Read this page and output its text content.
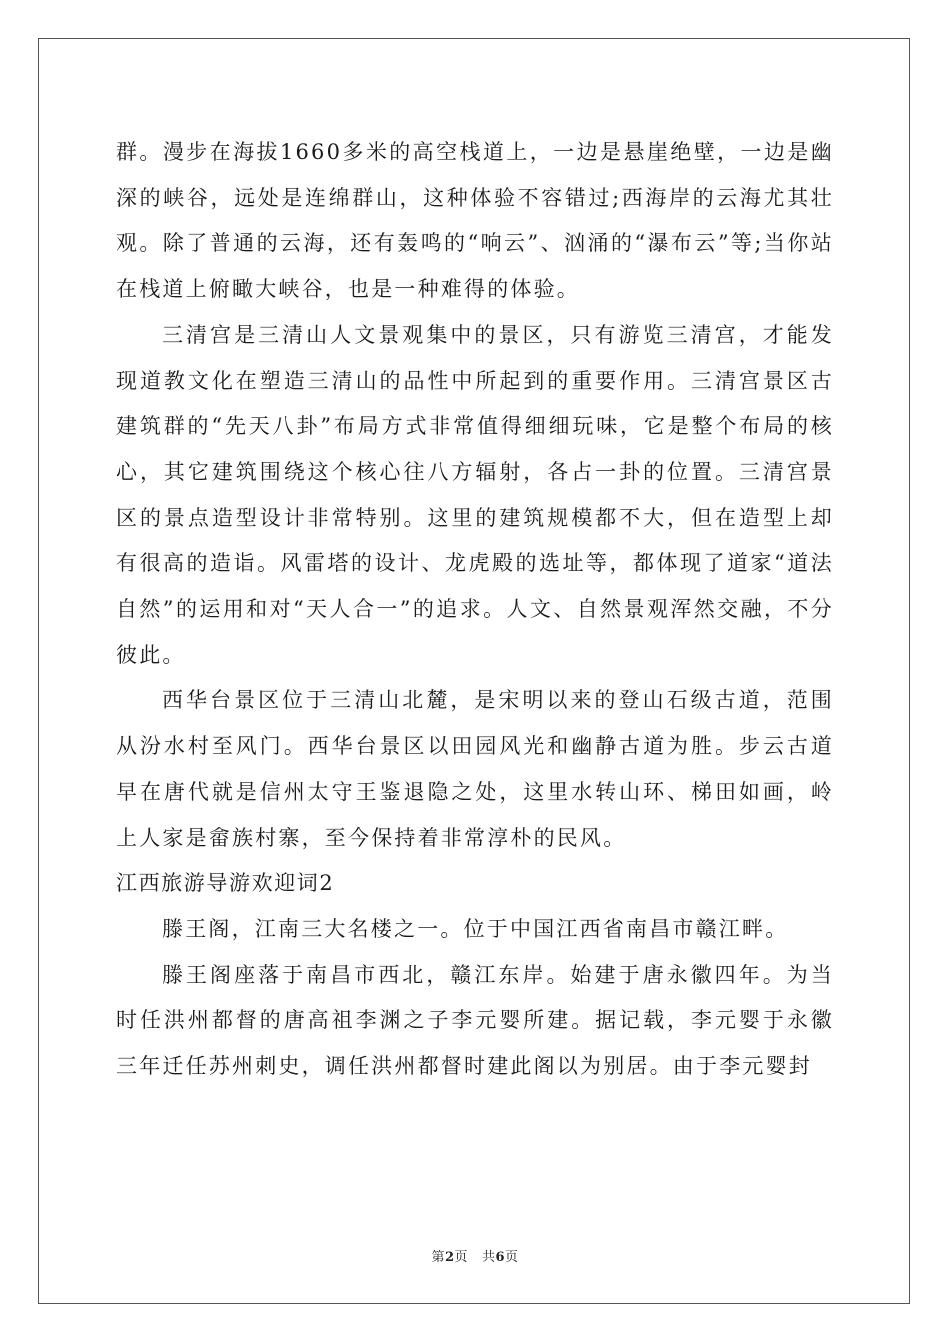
群。漫步在海拔1660多米的高空栈道上，一边是悬崖绝壁，一边是幽深的峡谷，远处是连绵群山，这种体验不容错过;西海岸的云海尤其壮观。除了普通的云海，还有轰鸣的“响云”、汹涌的“瀑布云”等;当你站在栈道上俯瞰大峡谷，也是一种难得的体验。

三清宫是三清山人文景观集中的景区，只有游览三清宫，才能发现道教文化在塑造三清山的品性中所起到的重要作用。三清宫景区古建筑群的“先天八卦”布局方式非常值得细细玩味，它是整个布局的核心，其它建筑围绕这个核心往八方辐射，各占一卦的位置。三清宫景区的景点造型设计非常特别。这里的建筑规模都不大，但在造型上却有很高的造诣。风雷塔的设计、龙虎殿的选址等，都体现了道家“道法自然”的运用和对“天人合一”的追求。人文、自然景观浑然交融，不分彼此。

西华台景区位于三清山北麓，是宋明以来的登山石级古道，范围从汾水村至风门。西华台景区以田园风光和幽静古道为胜。步云古道早在唐代就是信州太守王鉴退隐之处，这里水转山环、梯田如画，岭上人家是畲族村寨，至今保持着非常淳朴的民风。

江西旅游导游欢迎词2

滕王阁，江南三大名楼之一。位于中国江西省南昌市赣江畔。

滕王阁座落于南昌市西北，赣江东岸。始建于唐永徽四年。为当时任洪州都督的唐高祖李渊之子李元婴所建。据记载，李元婴于永徽三年迁任苏州刺史，调任洪州都督时建此阁以为别居。由于李元婴封

第2页 共6页
